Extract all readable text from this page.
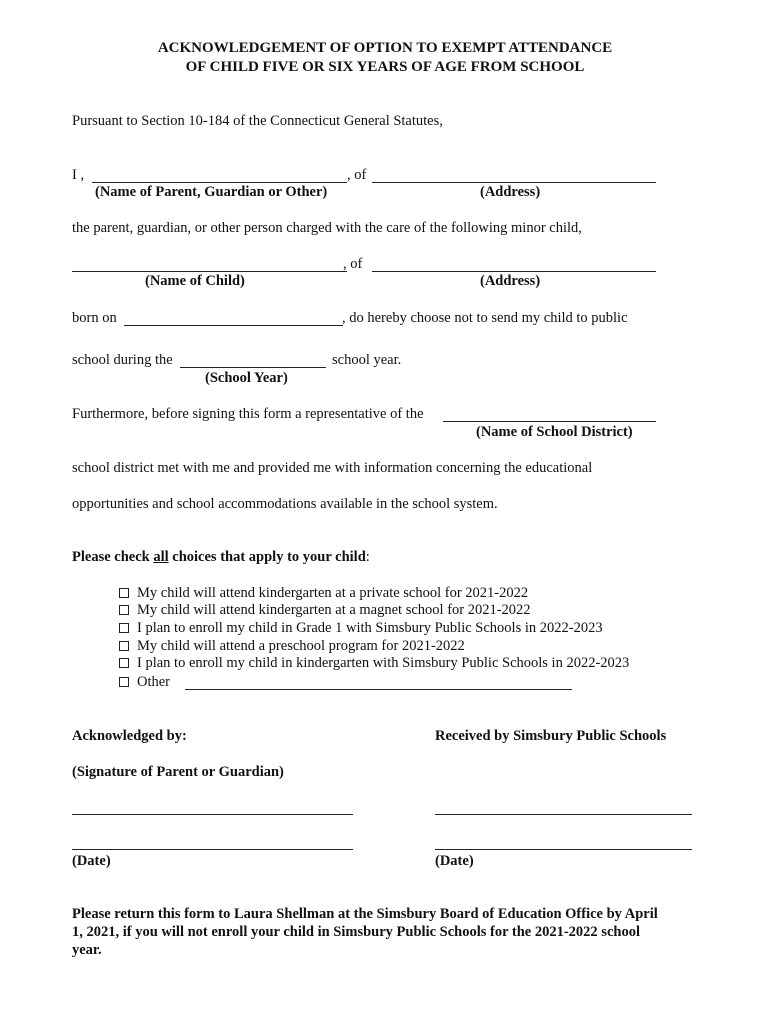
ACKNOWLEDGEMENT OF OPTION TO EXEMPT ATTENDANCE
OF CHILD FIVE OR SIX YEARS OF AGE FROM SCHOOL
Pursuant to Section 10-184 of the Connecticut General Statutes,
I ,	, of
(Name of Parent, Guardian or Other)	(Address)
the parent, guardian, or other person charged with the care of the following minor child,
, of
(Name of Child)	(Address)
born on	, do hereby choose not to send my child to public
school during the	school year.
(School Year)
Furthermore, before signing this form a representative of the
(Name of School District)
school district met with me and provided me with information concerning the educational
opportunities and school accommodations available in the school system.
Please check all choices that apply to your child:
My child will attend kindergarten at a private school for 2021-2022
My child will attend kindergarten at a magnet school for 2021-2022
I plan to enroll my child in Grade 1 with Simsbury Public Schools in 2022-2023
My child will attend a preschool program for 2021-2022
I plan to enroll my child in kindergarten with Simsbury Public Schools in 2022-2023
Other
Acknowledged by:	Received by Simsbury Public Schools
(Signature of Parent or Guardian)
(Date)	(Date)
Please return this form to Laura Shellman at the Simsbury Board of Education Office by April
1, 2021, if you will not enroll your child in Simsbury Public Schools for the 2021-2022 school
year.
